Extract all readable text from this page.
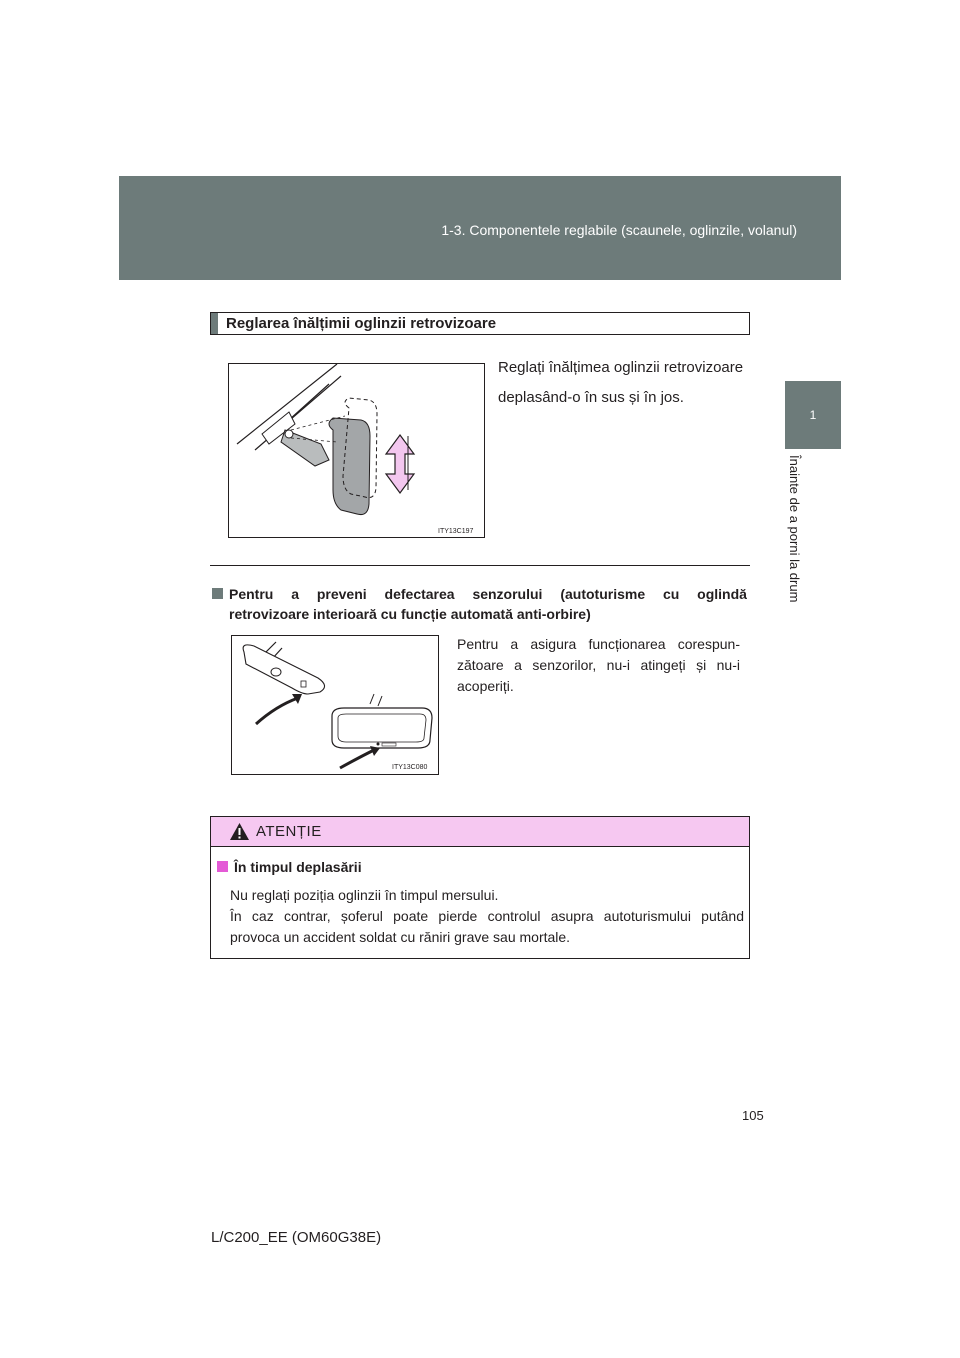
1-3. Componentele reglabile (scaunele, oglinzile, volanul)
1
Înainte de a porni la drum
Reglarea înălțimii oglinzii retrovizoare
ITY13C197
Reglați înălțimea oglinzii retrovizoare
deplasând-o în sus și în jos.
Pentru a preveni defectarea senzorului (autoturisme cu oglindă
retrovizoare interioară cu funcție automată anti-orbire)
ITY13C080
Pentru a asigura funcționarea corespun-
zătoare a senzorilor, nu-i atingeți și nu-i
acoperiți.
ATENȚIE
În timpul deplasării
Nu reglați poziția oglinzii în timpul mersului.
În caz contrar, șoferul poate pierde controlul asupra autoturismului putând
provoca un accident soldat cu răniri grave sau mortale.
105
L/C200_EE (OM60G38E)
